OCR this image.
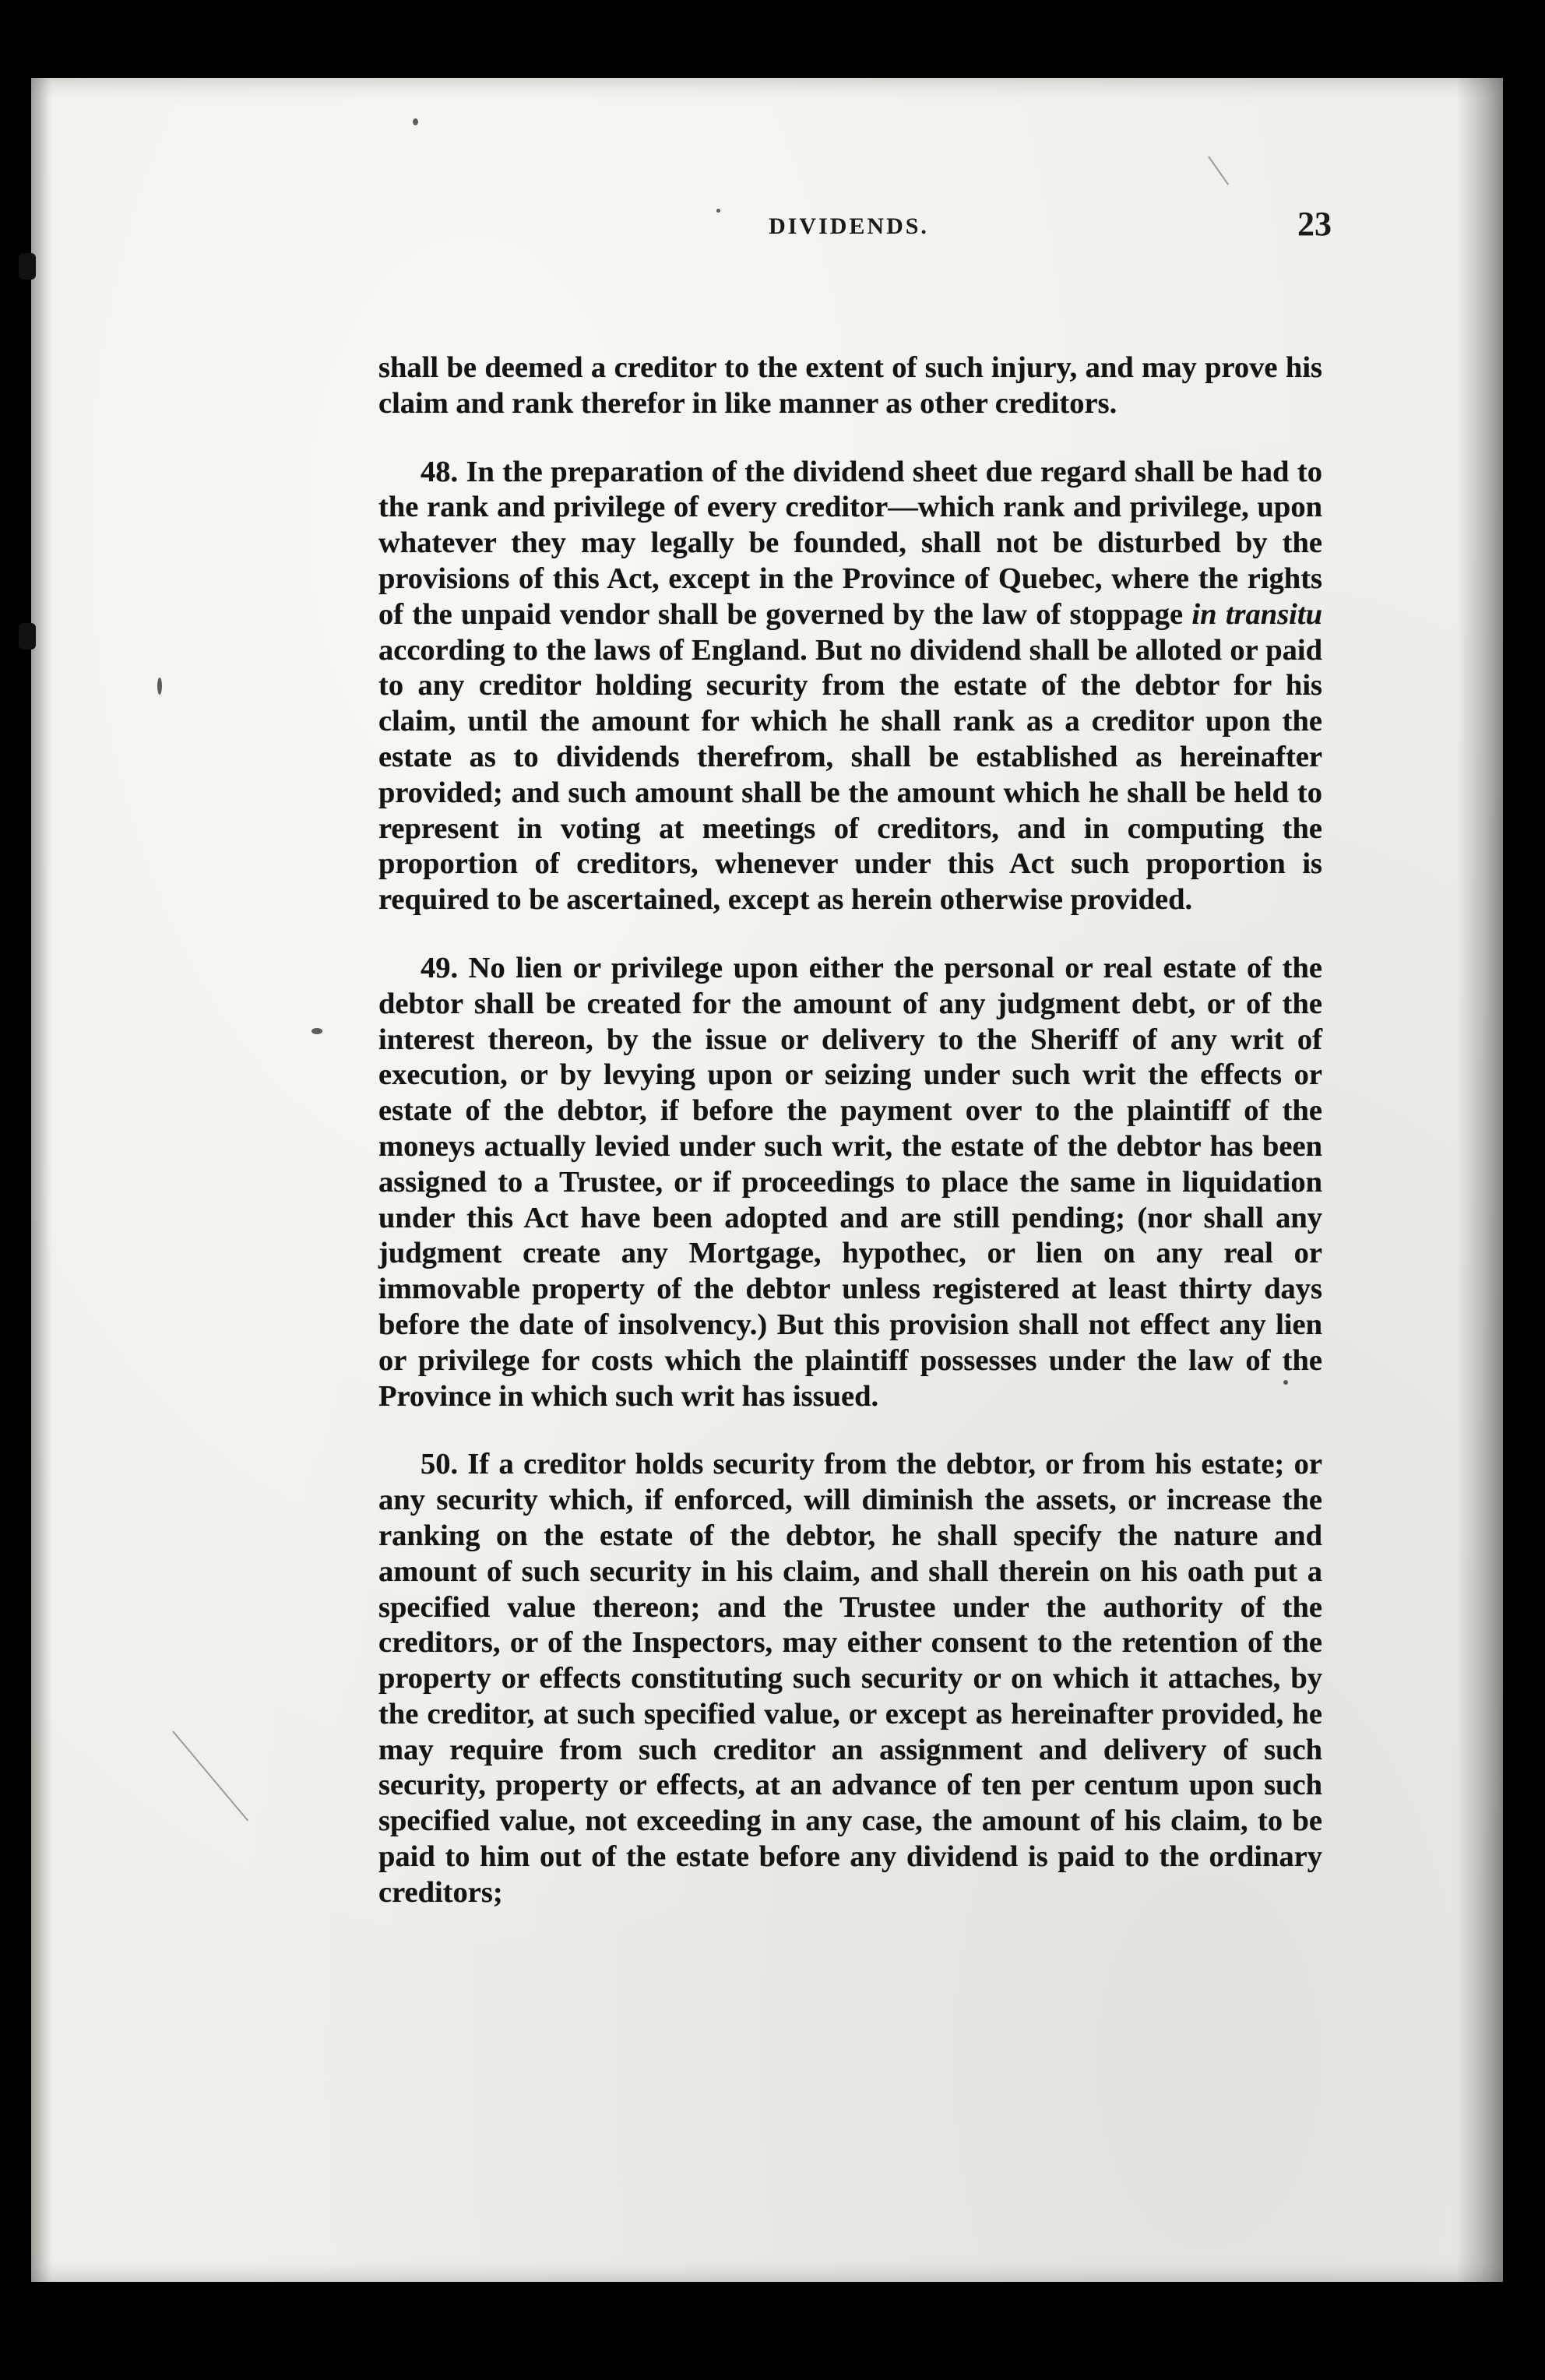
DIVIDENDS.	23

shall be deemed a creditor to the extent of such injury, and may prove his claim and rank therefor in like manner as other creditors.

48. In the preparation of the dividend sheet due regard shall be had to the rank and privilege of every creditor—which rank and privilege, upon whatever they may legally be founded, shall not be disturbed by the provisions of this Act, except in the Province of Quebec, where the rights of the unpaid vendor shall be governed by the law of stoppage in transitu according to the laws of England. But no dividend shall be alloted or paid to any creditor holding security from the estate of the debtor for his claim, until the amount for which he shall rank as a creditor upon the estate as to dividends therefrom, shall be established as hereinafter provided; and such amount shall be the amount which he shall be held to represent in voting at meetings of creditors, and in computing the proportion of creditors, whenever under this Act such proportion is required to be ascertained, except as herein otherwise provided.

49. No lien or privilege upon either the personal or real estate of the debtor shall be created for the amount of any judgment debt, or of the interest thereon, by the issue or delivery to the Sheriff of any writ of execution, or by levying upon or seizing under such writ the effects or estate of the debtor, if before the payment over to the plaintiff of the moneys actually levied under such writ, the estate of the debtor has been assigned to a Trustee, or if proceedings to place the same in liquidation under this Act have been adopted and are still pending; (nor shall any judgment create any Mortgage, hypothec, or lien on any real or immovable property of the debtor unless registered at least thirty days before the date of insolvency.) But this provision shall not effect any lien or privilege for costs which the plaintiff possesses under the law of the Province in which such writ has issued.

50. If a creditor holds security from the debtor, or from his estate; or any security which, if enforced, will diminish the assets, or increase the ranking on the estate of the debtor, he shall specify the nature and amount of such security in his claim, and shall therein on his oath put a specified value thereon; and the Trustee under the authority of the creditors, or of the Inspectors, may either consent to the retention of the property or effects constituting such security or on which it attaches, by the creditor, at such specified value, or except as hereinafter provided, he may require from such creditor an assignment and delivery of such security, property or effects, at an advance of ten per centum upon such specified value, not exceeding in any case, the amount of his claim, to be paid to him out of the estate before any dividend is paid to the ordinary creditors;
